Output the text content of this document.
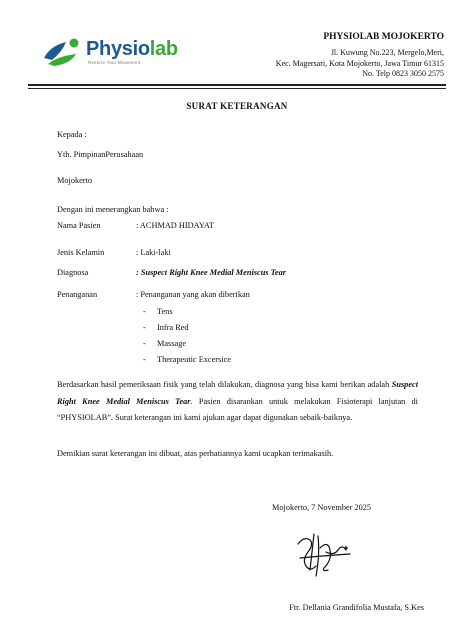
Physiolab
Restore Your Movement
PHYSIOLAB MOJOKERTO
Jl. Kuwung No.223, Mergelo,Meri,
Kec. Magersari, Kota Mojokerto, Jawa Timur 61315
No. Telp 0823 3050 2575
SURAT KETERANGAN
Kepada :
Yth. PimpinanPerusahaan
Mojokerto
Dengan ini menerangkan bahwa :
Nama Pasien	: ACHMAD HIDAYAT
Jenis Kelamin	: Laki-laki
Diagnosa	: Suspect Right Knee Medial Meniscus Tear
Penanganan	: Penanganan yang akan diberikan
- Tens
- Infra Red
- Massage
- Therapeutic Excersice
Berdasarkan hasil pemeriksaan fisik yang telah dilakukan, diagnosa yang bisa kami berikan adalah Suspect Right Knee Medial Meniscus Tear. Pasien disarankan untuk melakukan Fisioterapi lanjutan di “PHYSIOLAB”. Surat keterangan ini kami ajukan agar dapat digunakan sebaik-baiknya.
Demikian surat keterangan ini dibuat, atas perhatiannya kami ucapkan terimakasih.
Mojokerto, 7 November 2025
Ftr. Dellania Grandifolia Mustafa, S.Kes
